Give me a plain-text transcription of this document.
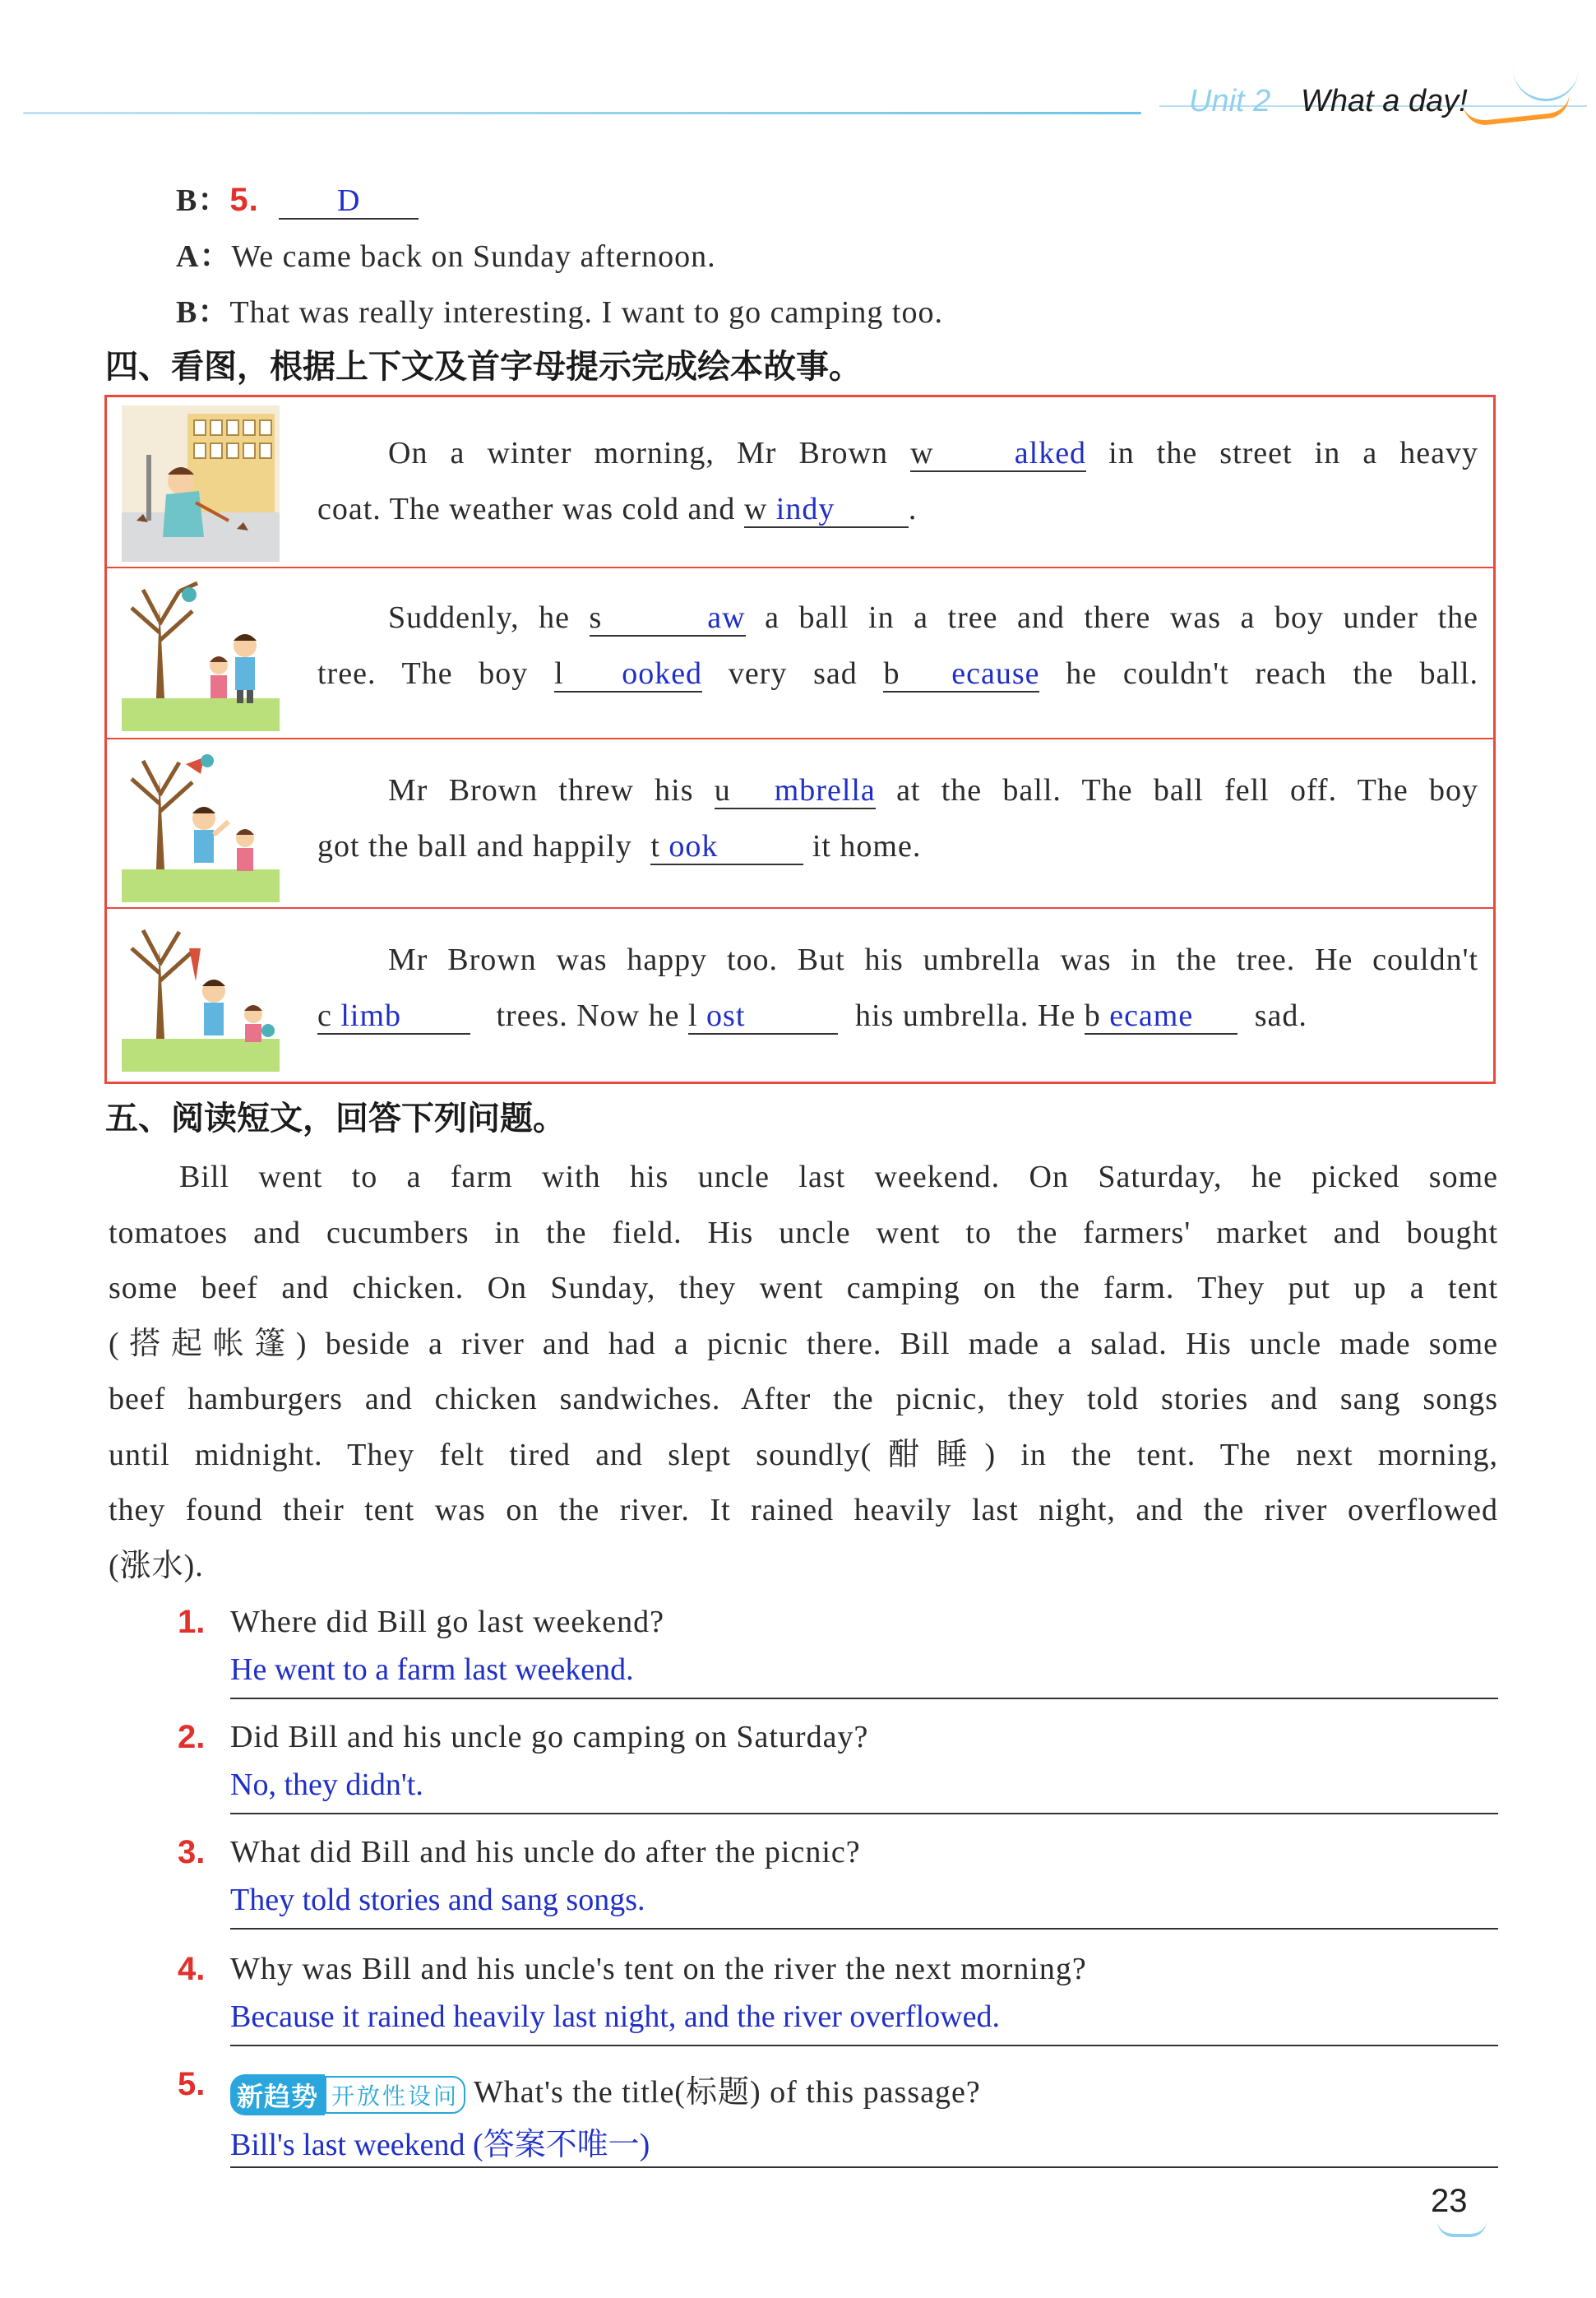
Unit 2 What a day!
B：5.	D
A：We came back on Sunday afternoon.
B：That was really interesting. I want to go camping too.
四、看图，根据上下文及首字母提示完成绘本故事。
On a winter morning, Mr Brown w	alked in the street in a heavy
coat. The weather was cold and w indy .
Suddenly, he s	aw a ball in a tree and there was a boy under the
tree. The boy l ooked very sad b ecause he couldn't reach the ball.
Mr Brown threw his u mbrella at the ball. The ball fell off. The boy
got the ball and happily t ook	it home.
Mr Brown was happy too. But his umbrella was in the tree. He couldn't
c limb	trees. Now he l ost	his umbrella. He b ecame sad.
五、阅读短文，回答下列问题。
Bill went to a farm with his uncle last weekend. On Saturday, he picked some
tomatoes and cucumbers in the field. His uncle went to the farmers' market and bought
some beef and chicken. On Sunday, they went camping on the farm. They put up a tent
(搭起帐篷) beside a river and had a picnic there. Bill made a salad. His uncle made some
beef hamburgers and chicken sandwiches. After the picnic, they told stories and sang songs
until midnight. They felt tired and slept soundly(酣睡) in the tent. The next morning,
they found their tent was on the river. It rained heavily last night, and the river overflowed
(涨水).
1. Where did Bill go last weekend?
He went to a farm last weekend.
2. Did Bill and his uncle go camping on Saturday?
No, they didn't.
3. What did Bill and his uncle do after the picnic?
They told stories and sang songs.
4. Why was Bill and his uncle's tent on the river the next morning?
Because it rained heavily last night, and the river overflowed.
5. 新趋势 开放性设问 What's the title(标题) of this passage?
Bill's last weekend (答案不唯一)
23
